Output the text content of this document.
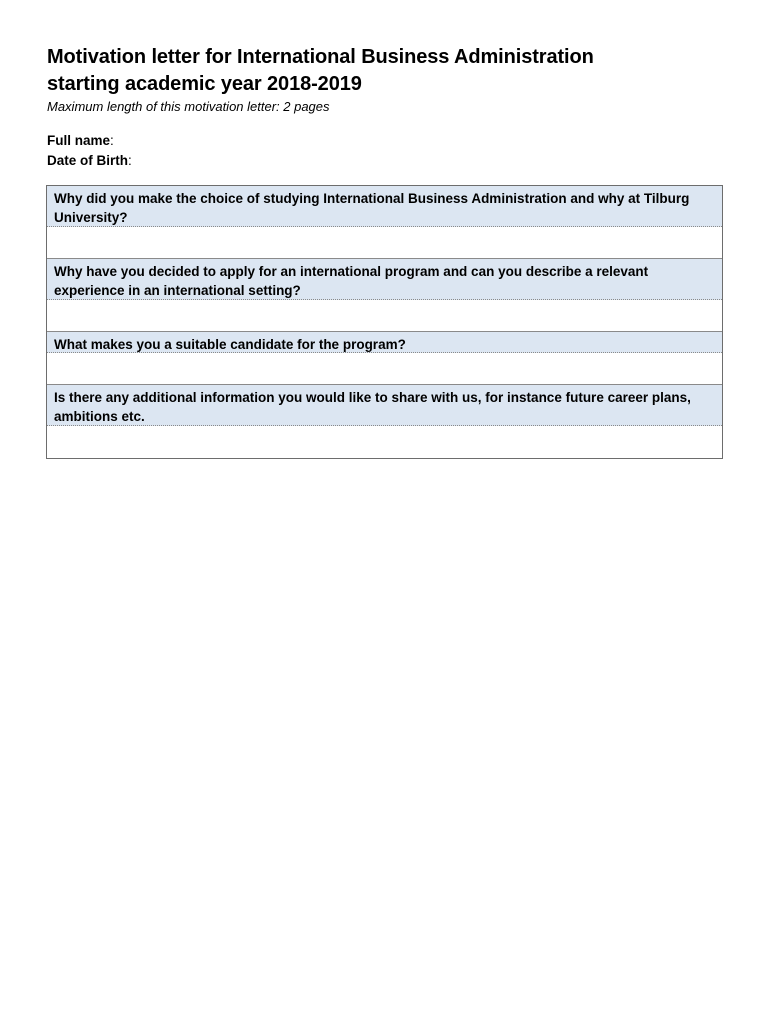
Motivation letter for International Business Administration
starting academic year 2018-2019

Maximum length of this motivation letter: 2 pages

Full name:
Date of Birth:
Why did you make the choice of studying International Business Administration and why at Tilburg University?
Why have you decided to apply for an international program and can you describe a relevant experience in an international setting?
What makes you a suitable candidate for the program?
Is there any additional information you would like to share with us, for instance future career plans, ambitions etc.
